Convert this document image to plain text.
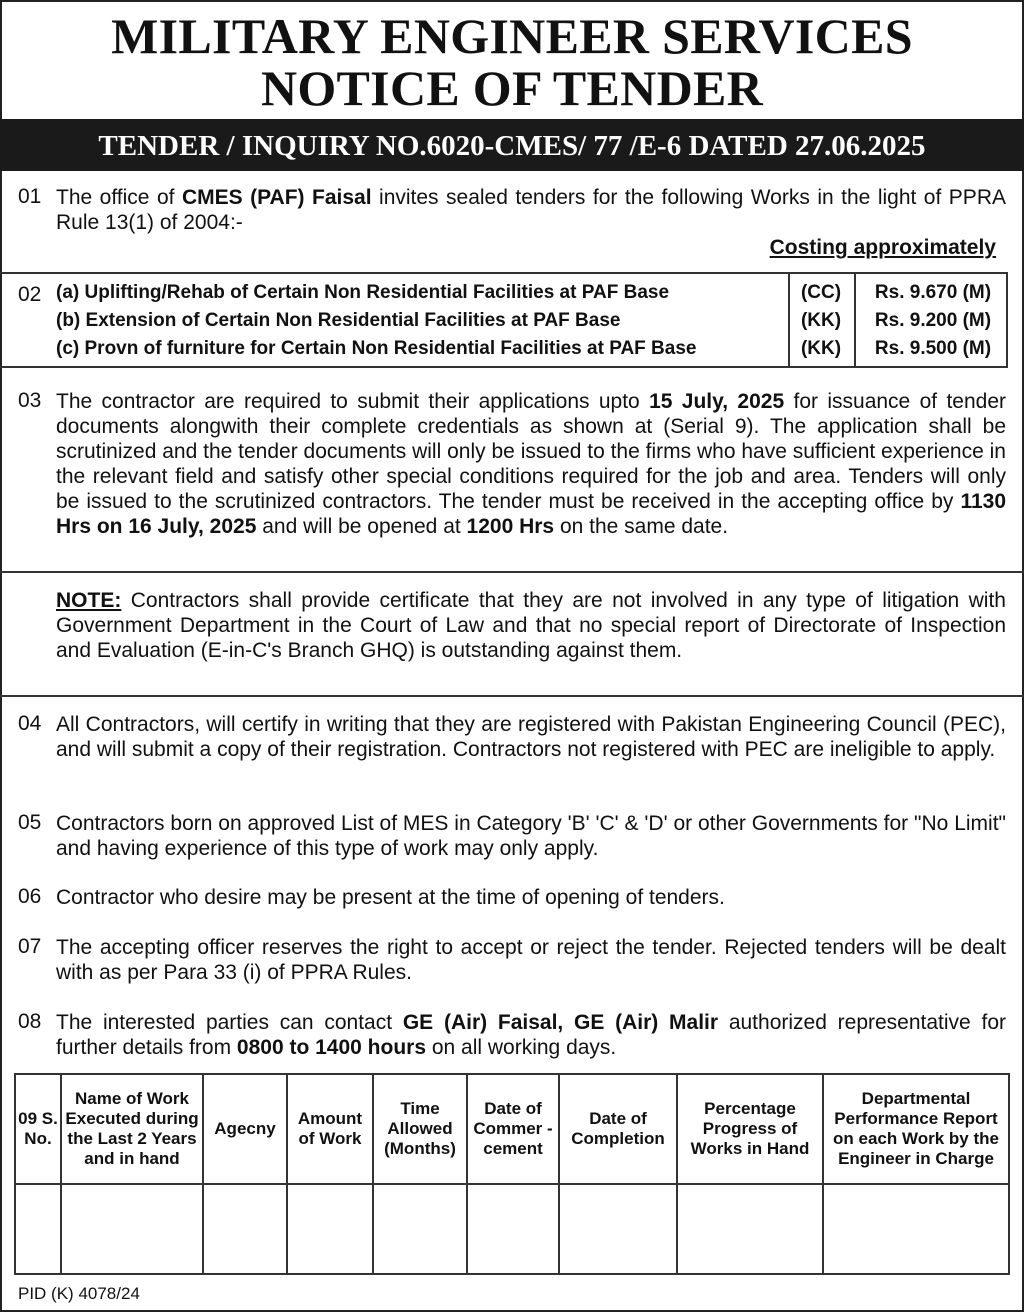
MILITARY ENGINEER SERVICES
NOTICE OF TENDER
TENDER / INQUIRY NO.6020-CMES/ 77 /E-6 DATED 27.06.2025
01 The office of CMES (PAF) Faisal invites sealed tenders for the following Works in the light of PPRA Rule 13(1) of 2004:-
Costing approximately
02 (a) Uplifting/Rehab of Certain Non Residential Facilities at PAF Base	(CC)	Rs. 9.670 (M)
(b) Extension of Certain Non Residential Facilities at PAF Base	(KK)	Rs. 9.200 (M)
(c) Provn of furniture for Certain Non Residential Facilities at PAF Base	(KK)	Rs. 9.500 (M)
03 The contractor are required to submit their applications upto 15 July, 2025 for issuance of tender documents alongwith their complete credentials as shown at (Serial 9). The application shall be scrutinized and the tender documents will only be issued to the firms who have sufficient experience in the relevant field and satisfy other special conditions required for the job and area. Tenders will only be issued to the scrutinized contractors. The tender must be received in the accepting office by 1130 Hrs on 16 July, 2025 and will be opened at 1200 Hrs on the same date.
NOTE: Contractors shall provide certificate that they are not involved in any type of litigation with Government Department in the Court of Law and that no special report of Directorate of Inspection and Evaluation (E-in-C's Branch GHQ) is outstanding against them.
04 All Contractors, will certify in writing that they are registered with Pakistan Engineering Council (PEC), and will submit a copy of their registration. Contractors not registered with PEC are ineligible to apply.
05 Contractors born on approved List of MES in Category 'B' 'C' & 'D' or other Governments for "No Limit" and having experience of this type of work may only apply.
06 Contractor who desire may be present at the time of opening of tenders.
07 The accepting officer reserves the right to accept or reject the tender. Rejected tenders will be dealt with as per Para 33 (i) of PPRA Rules.
08 The interested parties can contact GE (Air) Faisal, GE (Air) Malir authorized representative for further details from 0800 to 1400 hours on all working days.
09 S. No.	Name of Work Executed during the Last 2 Years and in hand	Agecny	Amount of Work	Time Allowed (Months)	Date of Commer -cement	Date of Completion	Percentage Progress of Works in Hand	Departmental Performance Report on each Work by the Engineer in Charge

PID (K) 4078/24
